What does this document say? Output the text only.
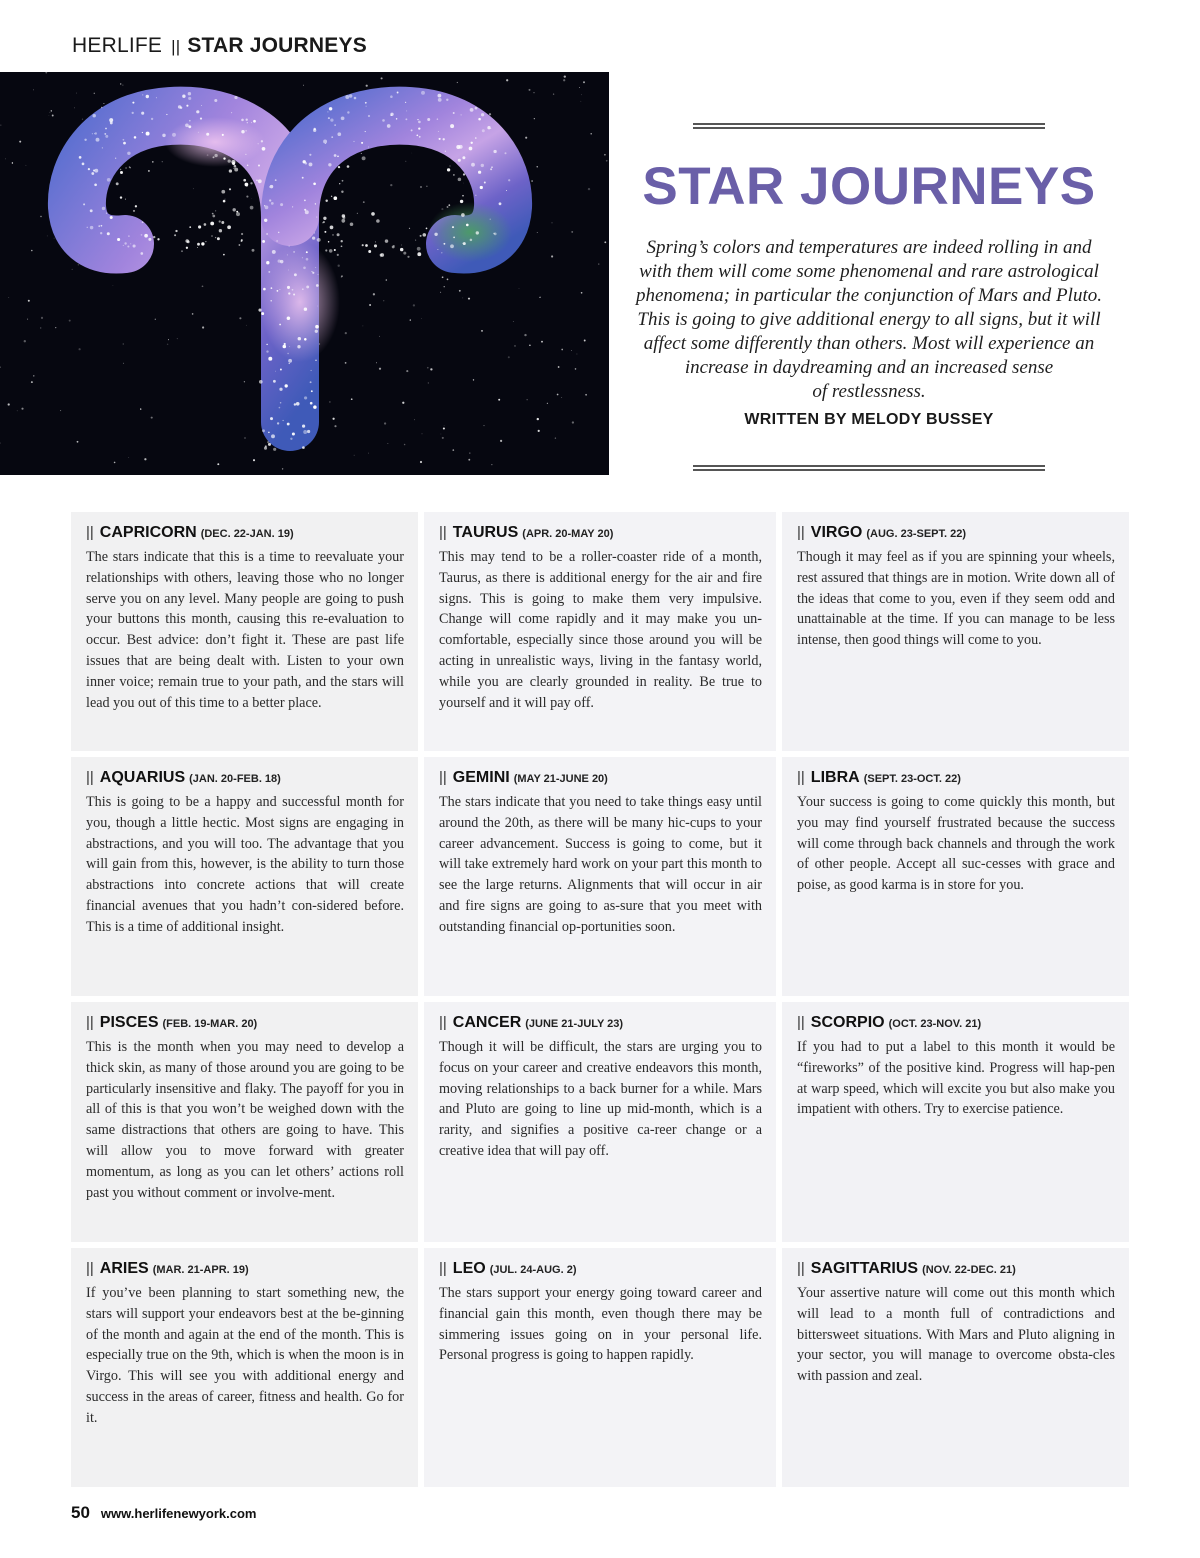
HERLIFE || STAR JOURNEYS
STAR JOURNEYS
Spring’s colors and temperatures are indeed rolling in and
with them will come some phenomenal and rare astrological
phenomena; in particular the conjunction of Mars and Pluto.
This is going to give additional energy to all signs, but it will
affect some differently than others. Most will experience an
increase in daydreaming and an increased sense
of restlessness.
WRITTEN BY MELODY BUSSEY
|| CAPRICORN (DEC. 22-JAN. 19)

The stars indicate that this is a time to reevaluate your relationships with others, leaving those who no longer serve you on any level. Many people are going to push your buttons this month, causing this re-evaluation to occur. Best advice: don’t fight it. These are past life issues that are being dealt with. Listen to your own inner voice; remain true to your path, and the stars will lead you out of this time to a better place.

|| TAURUS (APR. 20-MAY 20)

This may tend to be a roller-coaster ride of a month, Taurus, as there is additional energy for the air and fire signs. This is going to make them very impulsive. Change will come rapidly and it may make you un-comfortable, especially since those around you will be acting in unrealistic ways, living in the fantasy world, while you are clearly grounded in reality. Be true to yourself and it will pay off.

|| VIRGO (AUG. 23-SEPT. 22)

Though it may feel as if you are spinning your wheels, rest assured that things are in motion. Write down all of the ideas that come to you, even if they seem odd and unattainable at the time. If you can manage to be less intense, then good things will come to you.

|| AQUARIUS (JAN. 20-FEB. 18)

This is going to be a happy and successful month for you, though a little hectic. Most signs are engaging in abstractions, and you will too. The advantage that you will gain from this, however, is the ability to turn those abstractions into concrete actions that will create financial avenues that you hadn’t con-sidered before. This is a time of additional insight.

|| GEMINI (MAY 21-JUNE 20)

The stars indicate that you need to take things easy until around the 20th, as there will be many hic-cups to your career advancement. Success is going to come, but it will take extremely hard work on your part this month to see the large returns. Alignments that will occur in air and fire signs are going to as-sure that you meet with outstanding financial op-portunities soon.

|| LIBRA (SEPT. 23-OCT. 22)

Your success is going to come quickly this month, but you may find yourself frustrated because the success will come through back channels and through the work of other people. Accept all suc-cesses with grace and poise, as good karma is in store for you.

|| PISCES (FEB. 19-MAR. 20)

This is the month when you may need to develop a thick skin, as many of those around you are going to be particularly insensitive and flaky. The payoff for you in all of this is that you won’t be weighed down with the same distractions that others are going to have. This will allow you to move forward with greater momentum, as long as you can let others’ actions roll past you without comment or involve-ment.

|| CANCER (JUNE 21-JULY 23)

Though it will be difficult, the stars are urging you to focus on your career and creative endeavors this month, moving relationships to a back burner for a while. Mars and Pluto are going to line up mid-month, which is a rarity, and signifies a positive ca-reer change or a creative idea that will pay off.

|| SCORPIO (OCT. 23-NOV. 21)

If you had to put a label to this month it would be “fireworks” of the positive kind. Progress will hap-pen at warp speed, which will excite you but also make you impatient with others. Try to exercise patience.

|| ARIES (MAR. 21-APR. 19)

If you’ve been planning to start something new, the stars will support your endeavors best at the be-ginning of the month and again at the end of the month. This is especially true on the 9th, which is when the moon is in Virgo. This will see you with additional energy and success in the areas of career, fitness and health. Go for it.

|| LEO (JUL. 24-AUG. 2)

The stars support your energy going toward career and financial gain this month, even though there may be simmering issues going on in your personal life. Personal progress is going to happen rapidly.

|| SAGITTARIUS (NOV. 22-DEC. 21)

Your assertive nature will come out this month which will lead to a month full of contradictions and bittersweet situations. With Mars and Pluto aligning in your sector, you will manage to overcome obsta-cles with passion and zeal.

50 www.herlifenewyork.com
